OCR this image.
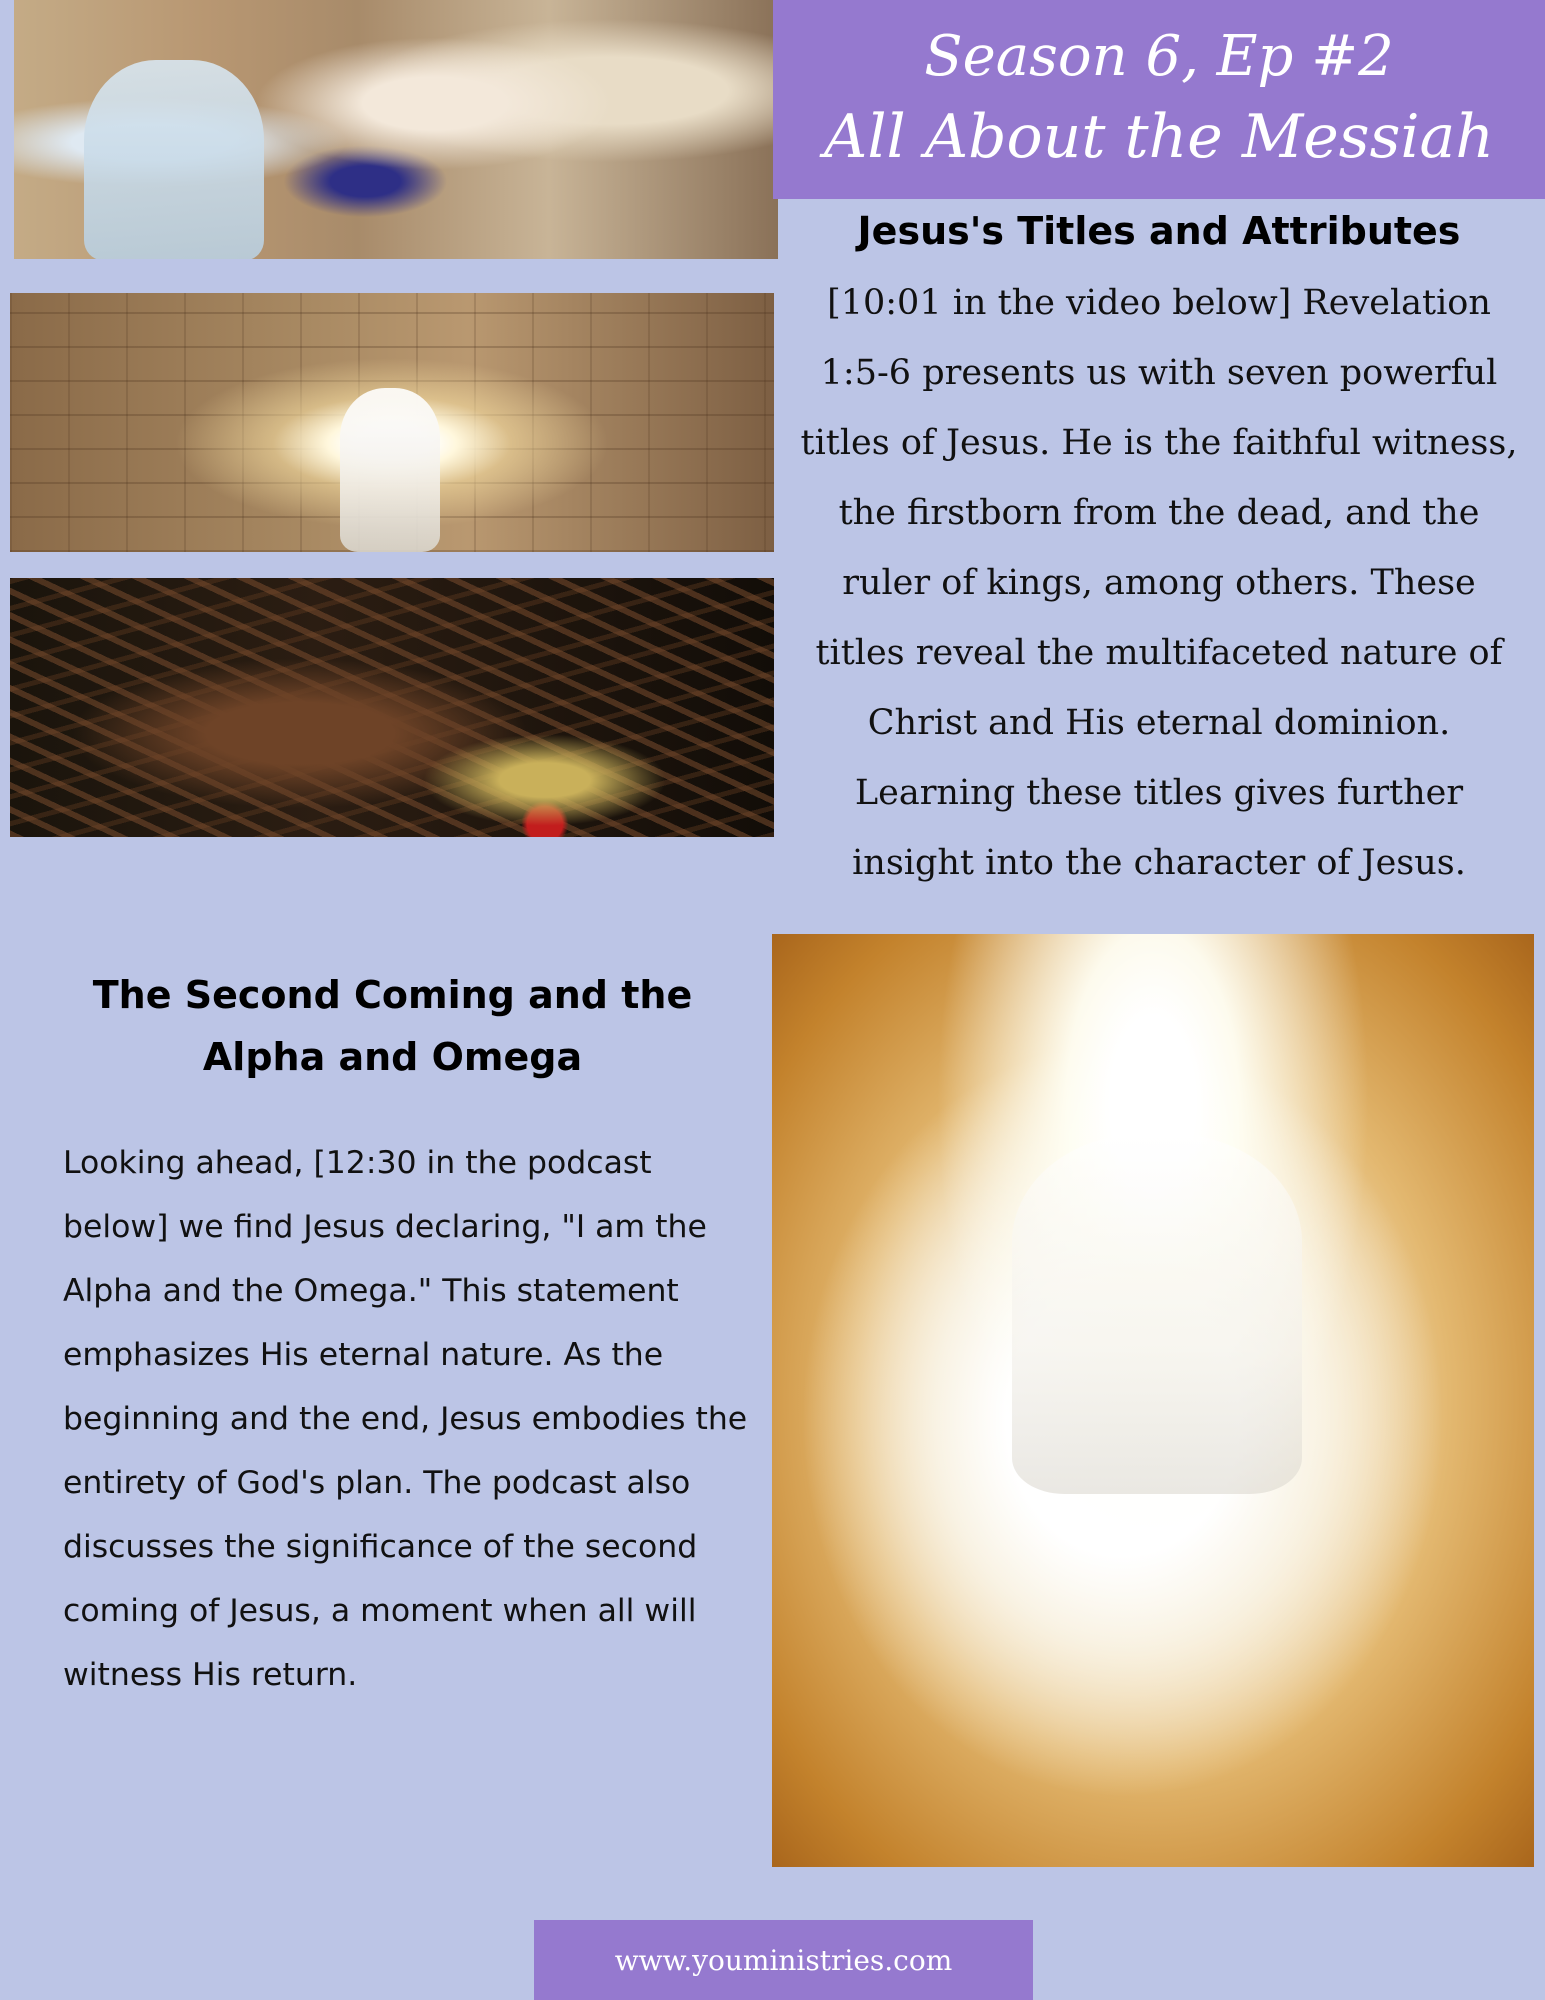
Season 6, Ep #2
All About the Messiah
Jesus's Titles and Attributes

[10:01 in the video below] Revelation 1:5-6 presents us with seven powerful titles of Jesus. He is the faithful witness, the firstborn from the dead, and the ruler of kings, among others. These titles reveal the multifaceted nature of Christ and His eternal dominion. Learning these titles gives further insight into the character of Jesus.

The Second Coming and the Alpha and Omega

Looking ahead, [12:30 in the podcast below] we find Jesus declaring, "I am the Alpha and the Omega." This statement emphasizes His eternal nature. As the beginning and the end, Jesus embodies the entirety of God's plan. The podcast also discusses the significance of the second coming of Jesus, a moment when all will witness His return.

www.youministries.com
